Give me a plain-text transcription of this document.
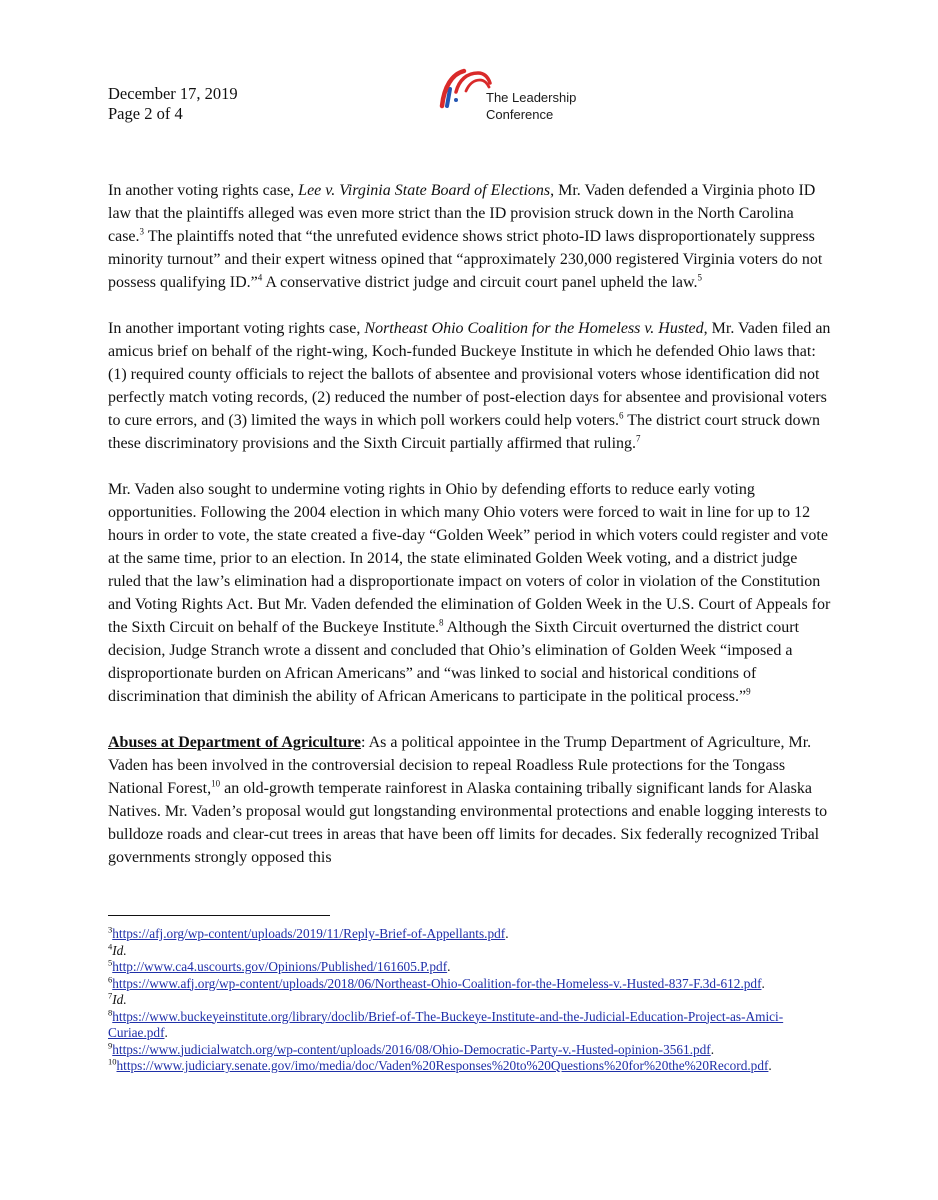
December 17, 2019
Page 2 of 4
The Leadership
Conference

In another voting rights case, Lee v. Virginia State Board of Elections, Mr. Vaden defended a Virginia photo ID law that the plaintiffs alleged was even more strict than the ID provision struck down in the North Carolina case.$^3$ The plaintiffs noted that “the unrefuted evidence shows strict photo-ID laws disproportionately suppress minority turnout” and their expert witness opined that “approximately 230,000 registered Virginia voters do not possess qualifying ID.”$^4$ A conservative district judge and circuit court panel upheld the law.$^5$

In another important voting rights case, Northeast Ohio Coalition for the Homeless v. Husted, Mr. Vaden filed an amicus brief on behalf of the right-wing, Koch-funded Buckeye Institute in which he defended Ohio laws that: (1) required county officials to reject the ballots of absentee and provisional voters whose identification did not perfectly match voting records, (2) reduced the number of post-election days for absentee and provisional voters to cure errors, and (3) limited the ways in which poll workers could help voters.$^6$ The district court struck down these discriminatory provisions and the Sixth Circuit partially affirmed that ruling.$^7$

Mr. Vaden also sought to undermine voting rights in Ohio by defending efforts to reduce early voting opportunities. Following the 2004 election in which many Ohio voters were forced to wait in line for up to 12 hours in order to vote, the state created a five-day “Golden Week” period in which voters could register and vote at the same time, prior to an election. In 2014, the state eliminated Golden Week voting, and a district judge ruled that the law’s elimination had a disproportionate impact on voters of color in violation of the Constitution and Voting Rights Act. But Mr. Vaden defended the elimination of Golden Week in the U.S. Court of Appeals for the Sixth Circuit on behalf of the Buckeye Institute.$^8$ Although the Sixth Circuit overturned the district court decision, Judge Stranch wrote a dissent and concluded that Ohio’s elimination of Golden Week “imposed a disproportionate burden on African Americans” and “was linked to social and historical conditions of discrimination that diminish the ability of African Americans to participate in the political process.”$^9$

Abuses at Department of Agriculture: As a political appointee in the Trump Department of Agriculture, Mr. Vaden has been involved in the controversial decision to repeal Roadless Rule protections for the Tongass National Forest,$^{10}$ an old-growth temperate rainforest in Alaska containing tribally significant lands for Alaska Natives. Mr. Vaden’s proposal would gut longstanding environmental protections and enable logging interests to bulldoze roads and clear-cut trees in areas that have been off limits for decades. Six federally recognized Tribal governments strongly opposed this

$^3$https://afj.org/wp-content/uploads/2019/11/Reply-Brief-of-Appellants.pdf.
$^4$Id.
$^5$http://www.ca4.uscourts.gov/Opinions/Published/161605.P.pdf.
$^6$https://www.afj.org/wp-content/uploads/2018/06/Northeast-Ohio-Coalition-for-the-Homeless-v.-Husted-837-F.3d-612.pdf.
$^7$Id.
$^8$https://www.buckeyeinstitute.org/library/doclib/Brief-of-The-Buckeye-Institute-and-the-Judicial-Education-Project-as-Amici-Curiae.pdf.
$^9$https://www.judicialwatch.org/wp-content/uploads/2016/08/Ohio-Democratic-Party-v.-Husted-opinion-3561.pdf.
$^{10}$https://www.judiciary.senate.gov/imo/media/doc/Vaden%20Responses%20to%20Questions%20for%20the%20Record.pdf.
